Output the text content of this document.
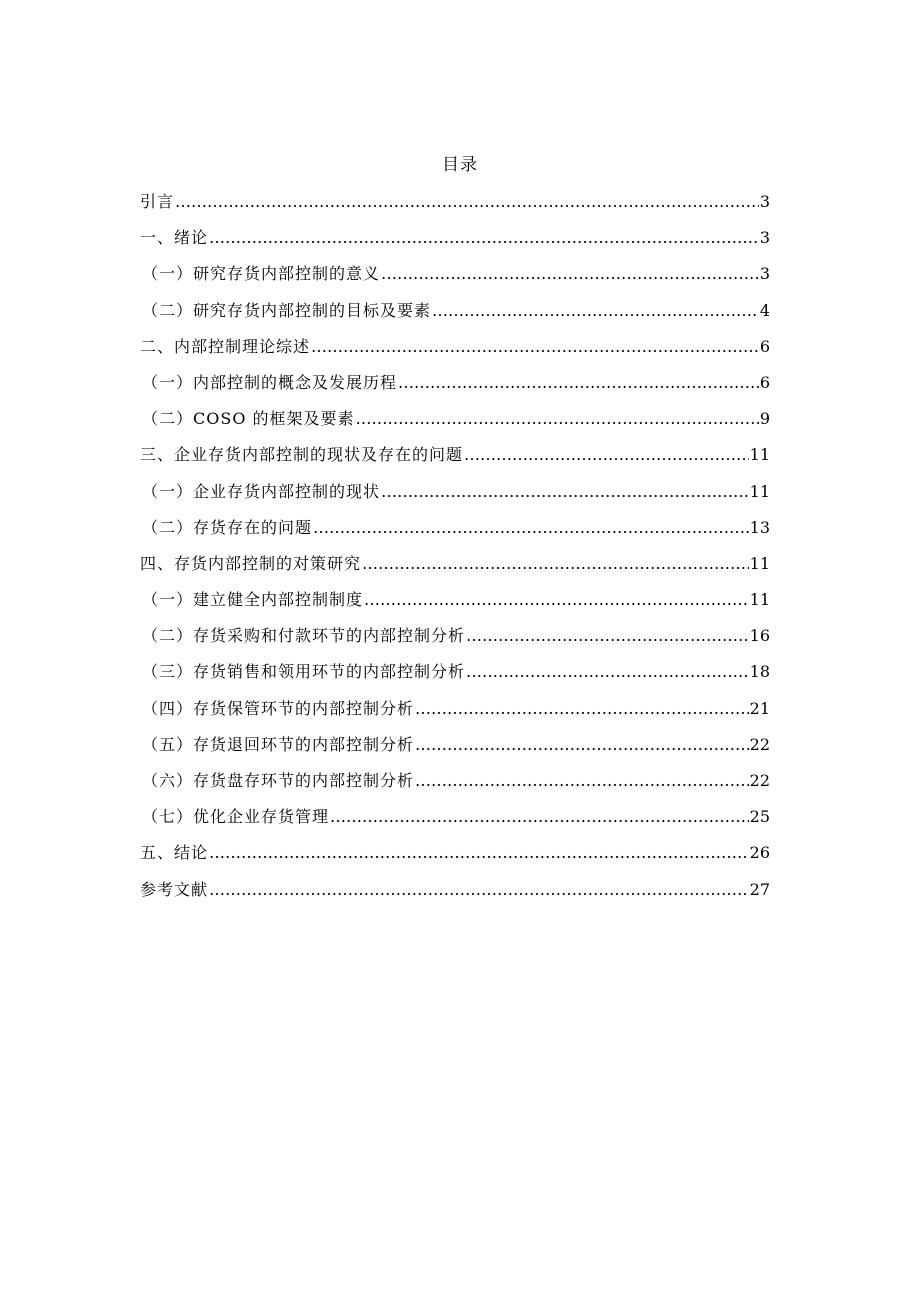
目录
引言 …………………………………………………………………………………………………………………………………………………………………………………………	3
一、绪论 …………………………………………………………………………………………………………………………………………………………………………………………	3
（一）研究存货内部控制的意义 …………………………………………………………………………………………………………………………………………………………………………………………	3
（二）研究存货内部控制的目标及要素 …………………………………………………………………………………………………………………………………………………………………………………………	4
二、内部控制理论综述 …………………………………………………………………………………………………………………………………………………………………………………………	6
（一）内部控制的概念及发展历程 …………………………………………………………………………………………………………………………………………………………………………………………	6
（二）COSO 的框架及要素 …………………………………………………………………………………………………………………………………………………………………………………………	9
三、企业存货内部控制的现状及存在的问题 …………………………………………………………………………………………………………………………………………………………………………………………	11
（一）企业存货内部控制的现状 …………………………………………………………………………………………………………………………………………………………………………………………	11
（二）存货存在的问题 …………………………………………………………………………………………………………………………………………………………………………………………	13
四、存货内部控制的对策研究 …………………………………………………………………………………………………………………………………………………………………………………………	11
（一）建立健全内部控制制度 …………………………………………………………………………………………………………………………………………………………………………………………	11
（二）存货采购和付款环节的内部控制分析 …………………………………………………………………………………………………………………………………………………………………………………………	16
（三）存货销售和领用环节的内部控制分析 …………………………………………………………………………………………………………………………………………………………………………………………	18
（四）存货保管环节的内部控制分析 …………………………………………………………………………………………………………………………………………………………………………………………	21
（五）存货退回环节的内部控制分析 …………………………………………………………………………………………………………………………………………………………………………………………	22
（六）存货盘存环节的内部控制分析 …………………………………………………………………………………………………………………………………………………………………………………………	22
（七）优化企业存货管理 …………………………………………………………………………………………………………………………………………………………………………………………	25
五、结论 …………………………………………………………………………………………………………………………………………………………………………………………	26
参考文献 …………………………………………………………………………………………………………………………………………………………………………………………	27
